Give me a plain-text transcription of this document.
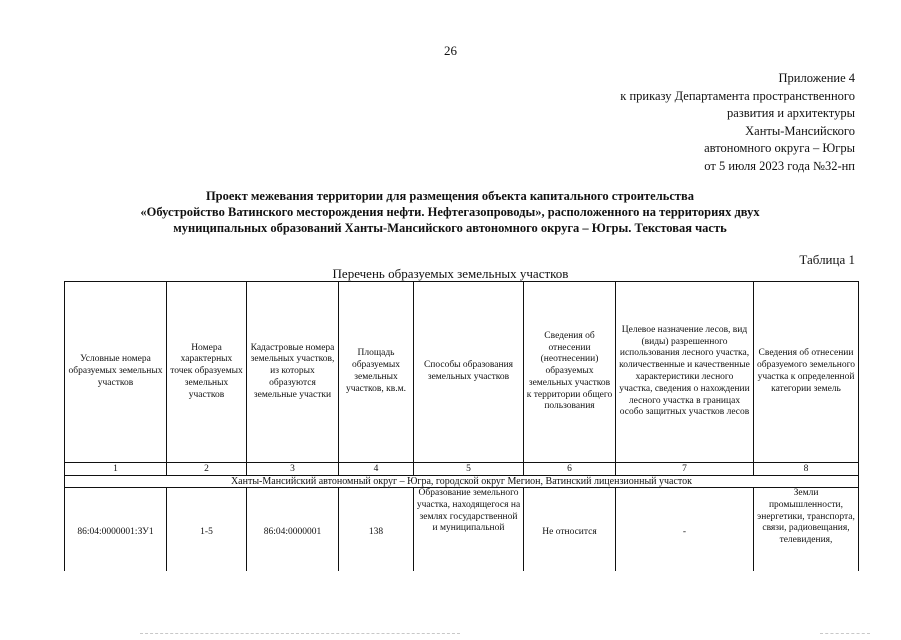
26
Приложение 4
к приказу Департамента пространственного
развития и архитектуры
Ханты-Мансийского
автономного округа – Югры
от 5 июля 2023 года №32-нп
Проект межевания территории для размещения объекта капитального строительства
«Обустройство Ватинского месторождения нефти. Нефтегазопроводы», расположенного на территориях двух
муниципальных образований Ханты-Мансийского автономного округа – Югры. Текстовая часть
Таблица 1
Перечень образуемых земельных участков
Условные номера образуемых земельных участков	Номера характерных точек образуемых земельных участков	Кадастровые номера земельных участков, из которых образуются земельные участки	Площадь образуемых земельных участков, кв.м.	Способы образования земельных участков	Сведения об отнесении (неотнесении) образуемых земельных участков к территории общего пользования	Целевое назначение лесов, вид (виды) разрешенного использования лесного участка, количественные и качественные характеристики лесного участка, сведения о нахождении лесного участка в границах особо защитных участков лесов	Сведения об отнесении образуемого земельного участка к определенной категории земель
1	2	3	4	5	6	7	8
Ханты-Мансийский автономный округ – Югра, городской округ Мегион, Ватинский лицензионный участок							
86:04:0000001:ЗУ1	1-5	86:04:0000001	138	Образование земельного участка, находящегося на землях государственной и муниципальной	Не относится	-	Земли промышленности, энергетики, транспорта, связи, радиовещания, телевидения,
